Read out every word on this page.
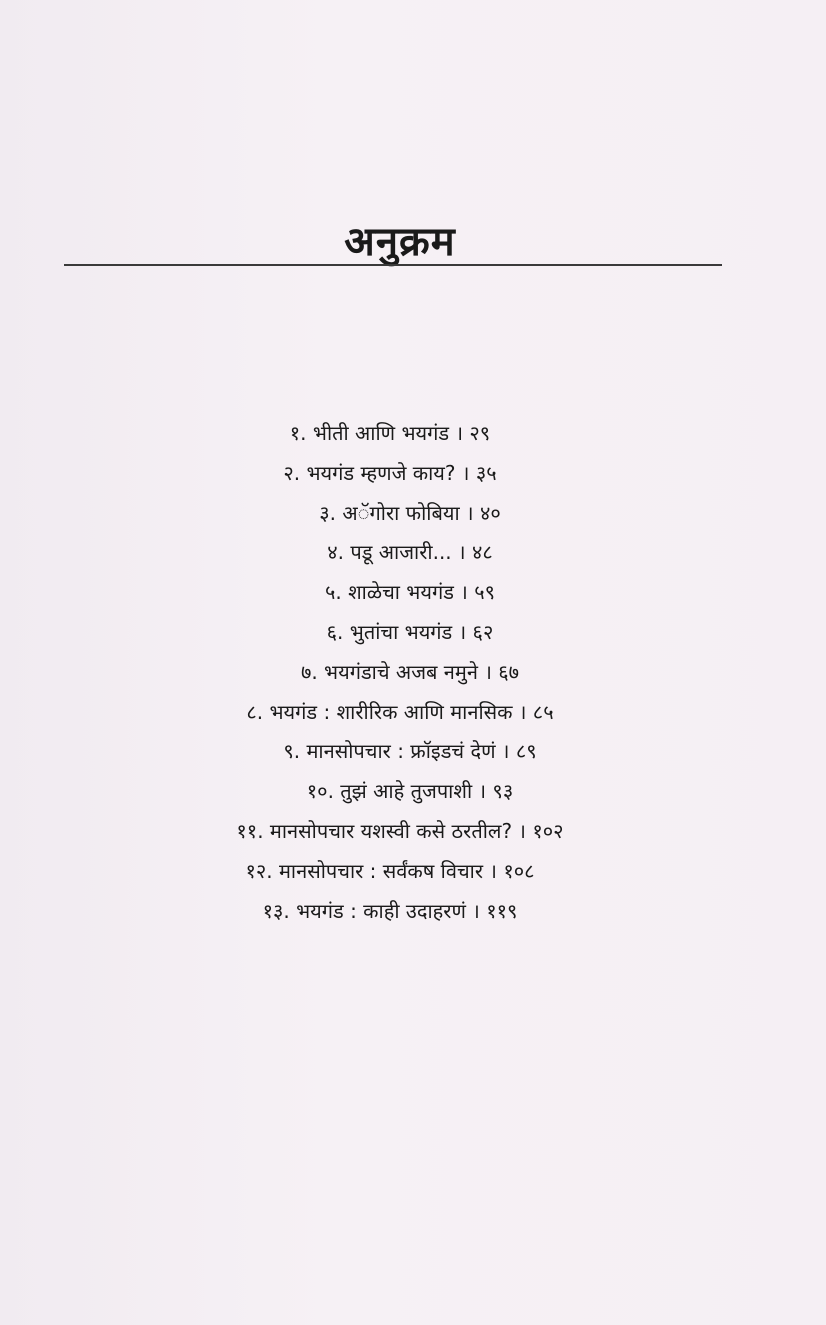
अनुक्रम
१. भीती आणि भयगंड । २९
२. भयगंड म्हणजे काय? । ३५
३. अॅगोरा फोबिया । ४०
४. पडू आजारी... । ४८
५. शाळेचा भयगंड । ५९
६. भुतांचा भयगंड । ६२
७. भयगंडाचे अजब नमुने । ६७
८. भयगंड : शारीरिक आणि मानसिक । ८५
९. मानसोपचार : फ्रॉइडचं देणं । ८९
१०. तुझं आहे तुजपाशी । ९३
११. मानसोपचार यशस्वी कसे ठरतील? । १०२
१२. मानसोपचार : सर्वंकष विचार । १०८
१३. भयगंड : काही उदाहरणं । ११९
